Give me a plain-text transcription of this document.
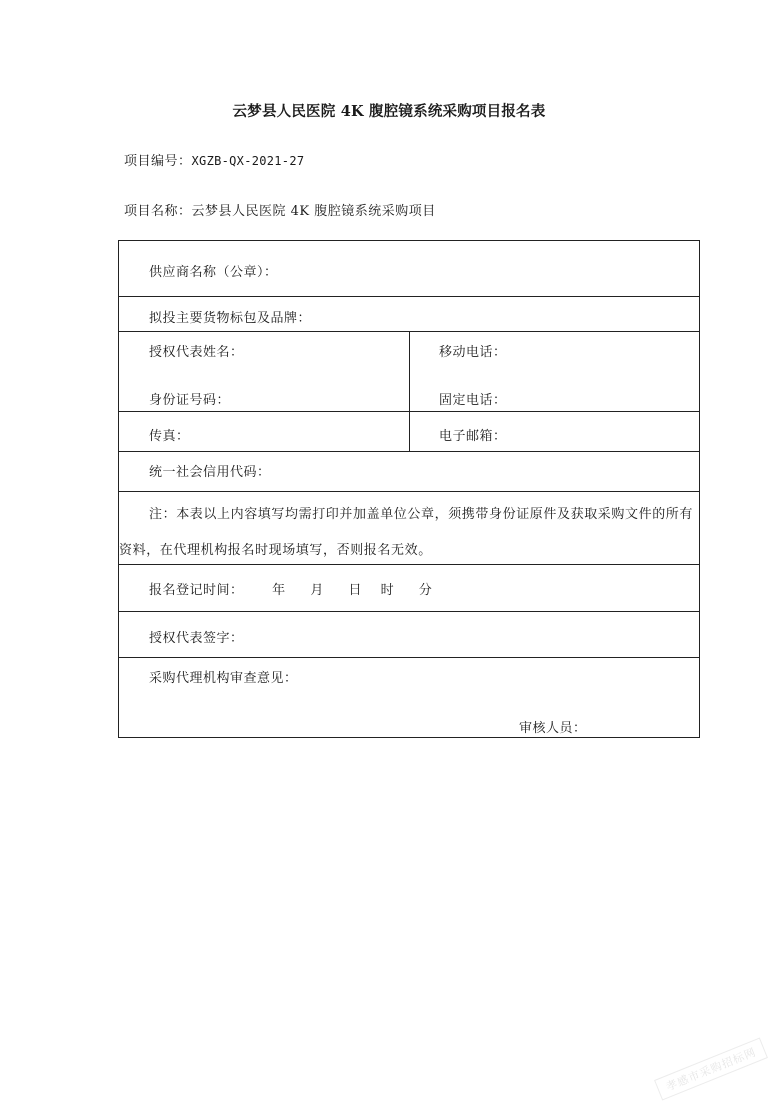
云梦县人民医院 4K 腹腔镜系统采购项目报名表
项目编号：XGZB-QX-2021-27
项目名称：云梦县人民医院 4K 腹腔镜系统采购项目
供应商名称（公章）：
拟投主要货物标包及品牌：
授权代表姓名：	移动电话：
身份证号码：	固定电话：
传真：	电子邮箱：
统一社会信用代码：
注：本表以上内容填写均需打印并加盖单位公章，须携带身份证原件及获取采购文件的所有
资料，在代理机构报名时现场填写，否则报名无效。
报名登记时间： 年 月 日 时 分
授权代表签字：
采购代理机构审查意见：
审核人员：
孝感市采购招标网
